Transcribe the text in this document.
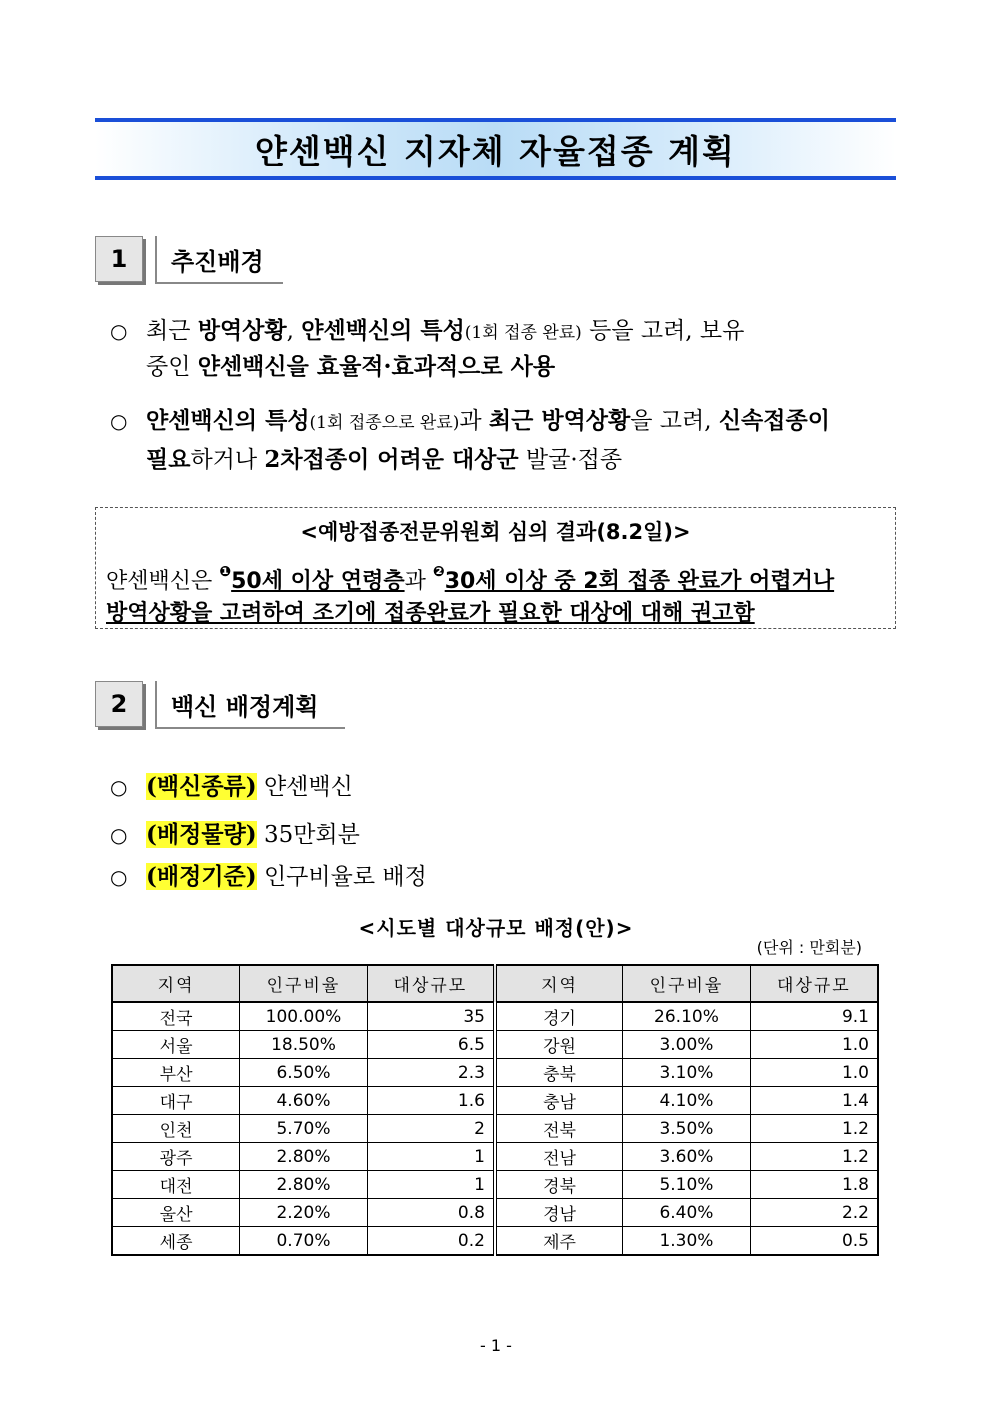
얀센백신 지자체 자율접종 계획
1	추진배경
○ 최근 방역상황, 얀센백신의 특성(1회 접종 완료) 등을 고려, 보유
중인 얀센백신을 효율적·효과적으로 사용
○ 얀센백신의 특성(1회 접종으로 완료)과 최근 방역상황을 고려, 신속접종이
필요하거나 2차접종이 어려운 대상군 발굴·접종
<예방접종전문위원회 심의 결과(8.2일)>
얀센백신은 $^❶$50세 이상 연령층과 $^❷$30세 이상 중 2회 접종 완료가 어렵거나
방역상황을 고려하여 조기에 접종완료가 필요한 대상에 대해 권고함
2	백신 배정계획
○ (백신종류) 얀센백신
○ (배정물량) 35만회분
○ (배정기준) 인구비율로 배정
<시도별 대상규모 배정(안)>
(단위 : 만회분)
지역	인구비율	대상규모	지역	인구비율	대상규모
전국	100.00%	35	경기	26.10%	9.1
서울	18.50%	6.5	강원	3.00%	1.0
부산	6.50%	2.3	충북	3.10%	1.0
대구	4.60%	1.6	충남	4.10%	1.4
인천	5.70%	2	전북	3.50%	1.2
광주	2.80%	1	전남	3.60%	1.2
대전	2.80%	1	경북	5.10%	1.8
울산	2.20%	0.8	경남	6.40%	2.2
세종	0.70%	0.2	제주	1.30%	0.5
- 1 -
